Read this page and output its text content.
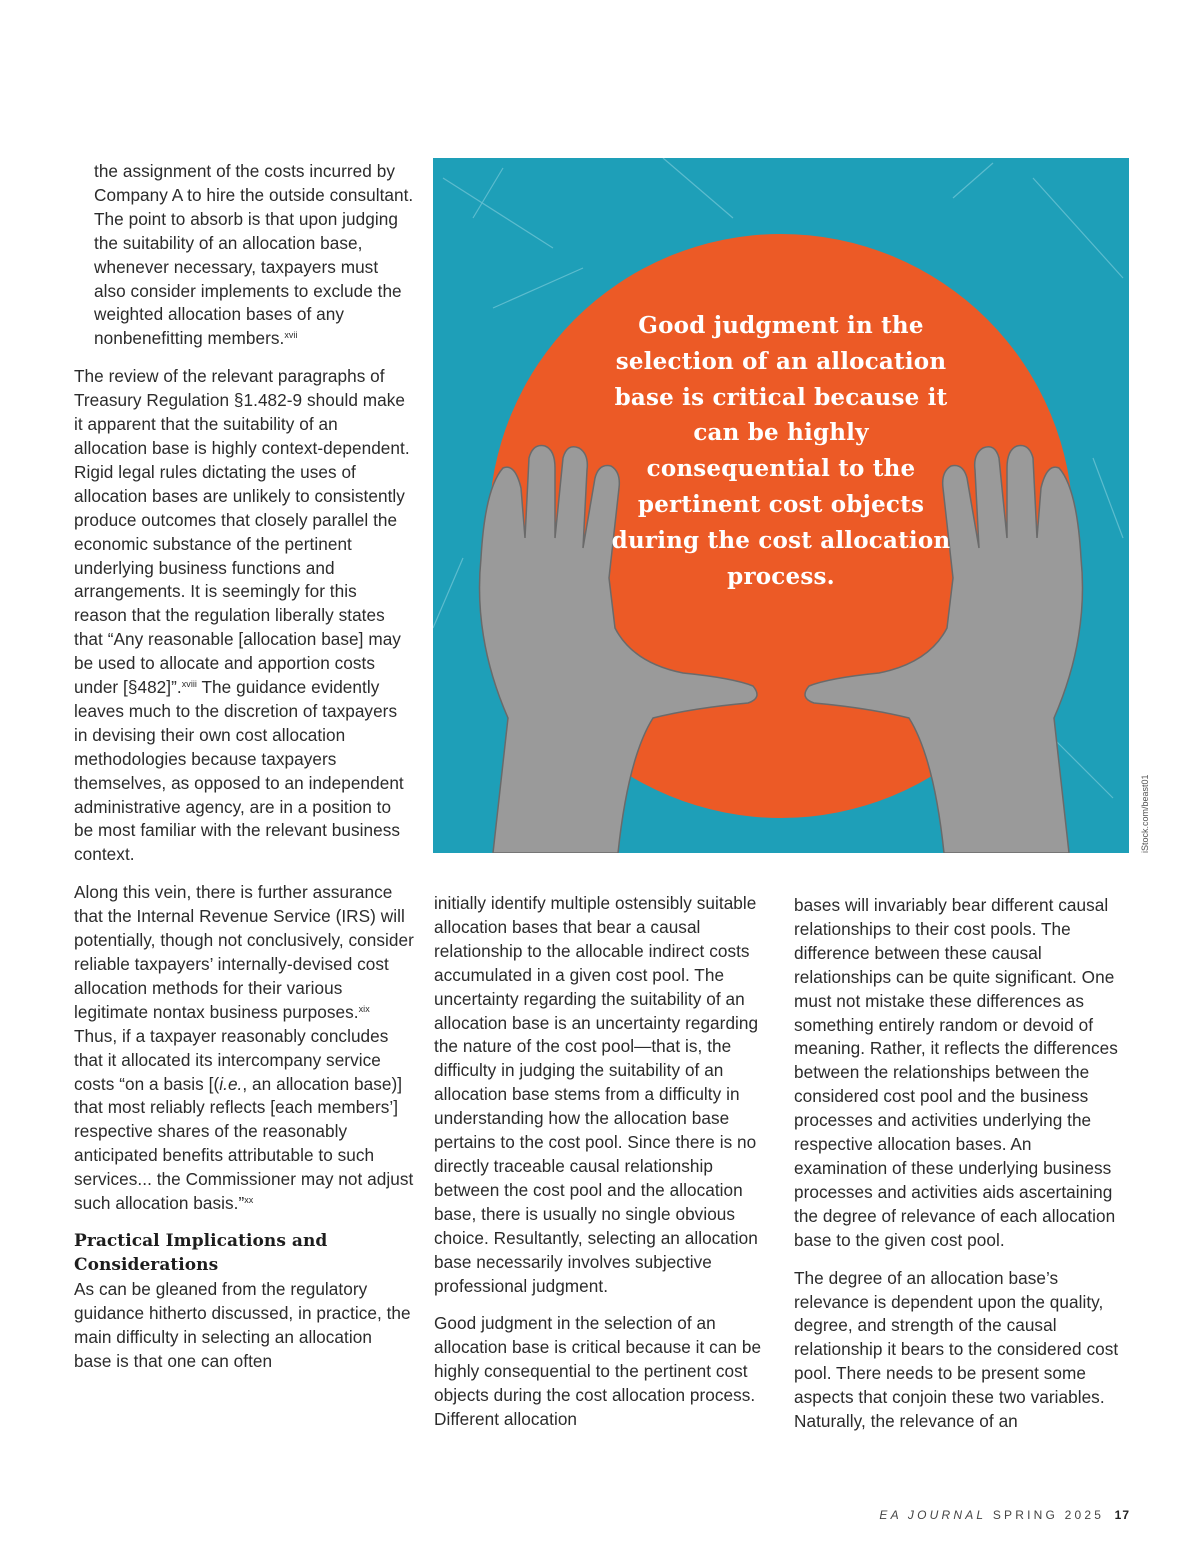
the assignment of the costs incurred by Company A to hire the outside consultant. The point to absorb is that upon judging the suitability of an allocation base, whenever necessary, taxpayers must also consider implements to exclude the weighted allocation bases of any nonbenefitting members.$^{xvii}$

The review of the relevant paragraphs of Treasury Regulation §1.482-9 should make it apparent that the suitability of an allocation base is highly context-dependent. Rigid legal rules dictating the uses of allocation bases are unlikely to consistently produce outcomes that closely parallel the economic substance of the pertinent underlying business functions and arrangements. It is seemingly for this reason that the regulation liberally states that “Any reasonable [allocation base] may be used to allocate and apportion costs under [§482]”.$^{xviii}$ The guidance evidently leaves much to the discretion of taxpayers in devising their own cost allocation methodologies because taxpayers themselves, as opposed to an independent administrative agency, are in a position to be most familiar with the relevant business context.

Along this vein, there is further assurance that the Internal Revenue Service (IRS) will potentially, though not conclusively, consider reliable taxpayers’ internally-devised cost allocation methods for their various legitimate nontax business purposes.$^{xix}$ Thus, if a taxpayer reasonably concludes that it allocated its intercompany service costs “on a basis [(i.e., an allocation base)] that most reliably reflects [each members’] respective shares of the reasonably anticipated benefits attributable to such services... the Commissioner may not adjust such allocation basis.”$^{xx}$

Practical Implications and Considerations

As can be gleaned from the regulatory guidance hitherto discussed, in practice, the main difficulty in selecting an allocation base is that one can often

Good judgment in the selection of an allocation base is critical because it can be highly consequential to the pertinent cost objects during the cost allocation process.
iStock.com/beast01

initially identify multiple ostensibly suitable allocation bases that bear a causal relationship to the allocable indirect costs accumulated in a given cost pool. The uncertainty regarding the suitability of an allocation base is an uncertainty regarding the nature of the cost pool—that is, the difficulty in judging the suitability of an allocation base stems from a difficulty in understanding how the allocation base pertains to the cost pool. Since there is no directly traceable causal relationship between the cost pool and the allocation base, there is usually no single obvious choice. Resultantly, selecting an allocation base necessarily involves subjective professional judgment.

Good judgment in the selection of an allocation base is critical because it can be highly consequential to the pertinent cost objects during the cost allocation process. Different allocation

bases will invariably bear different causal relationships to their cost pools. The difference between these causal relationships can be quite significant. One must not mistake these differences as something entirely random or devoid of meaning. Rather, it reflects the differences between the relationships between the considered cost pool and the business processes and activities underlying the respective allocation bases. An examination of these underlying business processes and activities aids ascertaining the degree of relevance of each allocation base to the given cost pool.

The degree of an allocation base’s relevance is dependent upon the quality, degree, and strength of the causal relationship it bears to the considered cost pool. There needs to be present some aspects that conjoin these two variables. Naturally, the relevance of an

EA JOURNAL SPRING 2025 17
